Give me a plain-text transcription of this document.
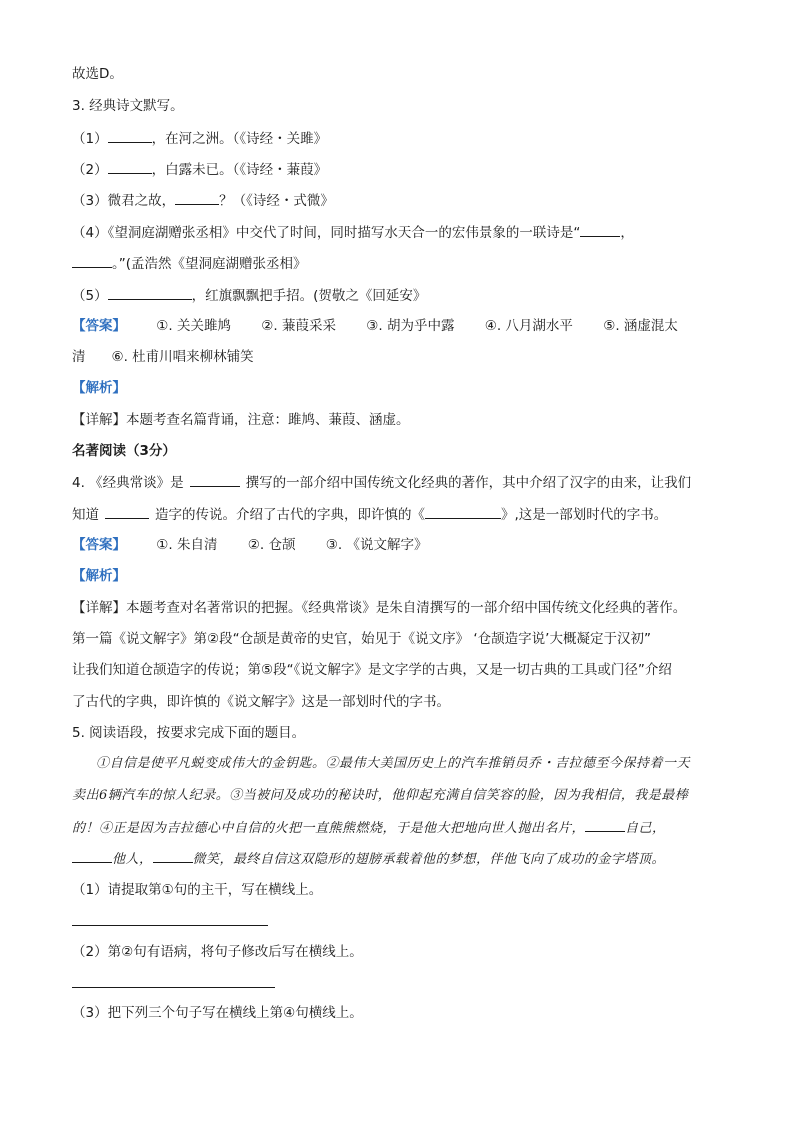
故选D。
3. 经典诗文默写。
（1）	，在河之洲。（《诗经・关雎》
（2）	，白露未已。（《诗经・蒹葭》
（3）微君之故，	？（《诗经・式微》
（4）《望洞庭湖赠张丞相》中交代了时间，同时描写水天合一的宏伟景象的一联诗是“	，
。”(孟浩然《望洞庭湖赠张丞相》
（5）	，红旗飘飘把手招。(贺敬之《回延安》
【答案】 ①. 关关雎鸠 ②. 蒹葭采采 ③. 胡为乎中露 ④. 八月湖水平 ⑤. 涵虚混太
清 ⑥. 杜甫川唱来柳林铺笑
【解析】
【详解】本题考查名篇背诵，注意：雎鸠、蒹葭、涵虚。
名著阅读（3分）
4. 《经典常谈》是	撰写的一部介绍中国传统文化经典的著作，其中介绍了汉字的由来，让我们
知道	造字的传说。介绍了古代的字典，即许慎的《	》,这是一部划时代的字书。
【答案】 ①. 朱自清 ②. 仓颉 ③. 《说文解字》
【解析】
【详解】本题考查对名著常识的把握。《经典常谈》是朱自清撰写的一部介绍中国传统文化经典的著作。
第一篇《说文解字》第②段“仓颉是黄帝的史官，始见于《说文序》 ‘仓颉造字说’大概凝定于汉初”
让我们知道仓颉造字的传说；第⑤段“《说文解字》是文字学的古典，又是一切古典的工具或门径”介绍
了古代的字典，即许慎的《说文解字》这是一部划时代的字书。
5. 阅读语段，按要求完成下面的题目。
①自信是使平凡蜕变成伟大的金钥匙。②最伟大美国历史上的汽车推销员乔・吉拉德至今保持着一天
卖出6辆汽车的惊人纪录。③当被问及成功的秘诀时，他仰起充满自信笑容的脸，因为我相信，我是最棒
的！④正是因为吉拉德心中自信的火把一直熊熊燃烧，于是他大把地向世人抛出名片，	自己，
他人，	微笑，最终自信这双隐形的翅膀承载着他的梦想，伴他飞向了成功的金字塔顶。
（1）请提取第①句的主干，写在横线上。
（2）第②句有语病，将句子修改后写在横线上。
（3）把下列三个句子写在横线上第④句横线上。
